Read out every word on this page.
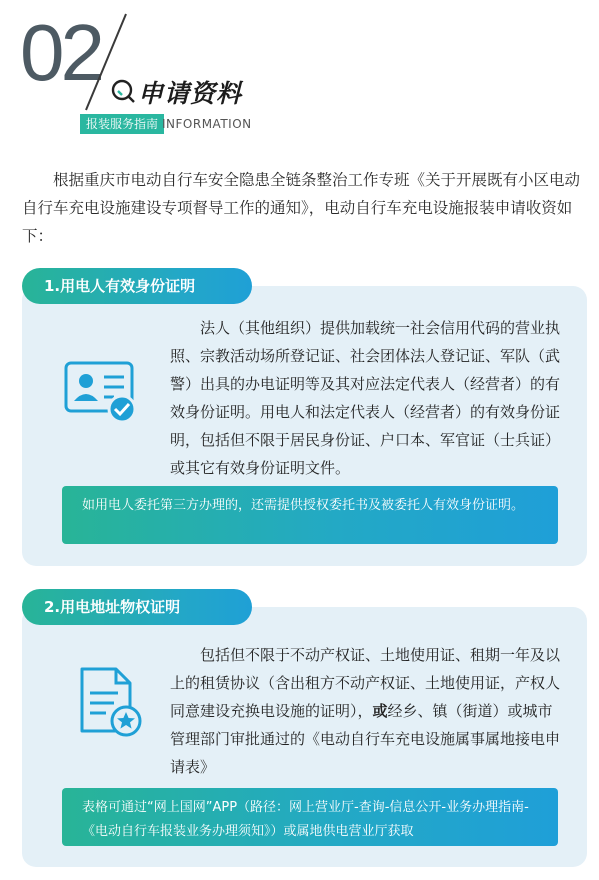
02 申请资料
报装服务指南 INFORMATION

根据重庆市电动自行车安全隐患全链条整治工作专班《关于开展既有小区电动自行车充电设施建设专项督导工作的通知》，电动自行车充电设施报装申请收资如下：

1.用电人有效身份证明

法人（其他组织）提供加载统一社会信用代码的营业执照、宗教活动场所登记证、社会团体法人登记证、军队（武警）出具的办电证明等及其对应法定代表人（经营者）的有效身份证明。用电人和法定代表人（经营者）的有效身份证明，包括但不限于居民身份证、户口本、军官证（士兵证）或其它有效身份证明文件。

如用电人委托第三方办理的，还需提供授权委托书及被委托人有效身份证明。
2.用电地址物权证明

包括但不限于不动产权证、土地使用证、租期一年及以上的租赁协议（含出租方不动产权证、土地使用证，产权人同意建设充换电设施的证明），或经乡、镇（街道）或城市管理部门审批通过的《电动自行车充电设施属事属地接电申请表》

表格可通过“网上国网”APP（路径：网上营业厅-查询-信息公开-业务办理指南-《电动自行车报装业务办理须知》）或属地供电营业厅获取
